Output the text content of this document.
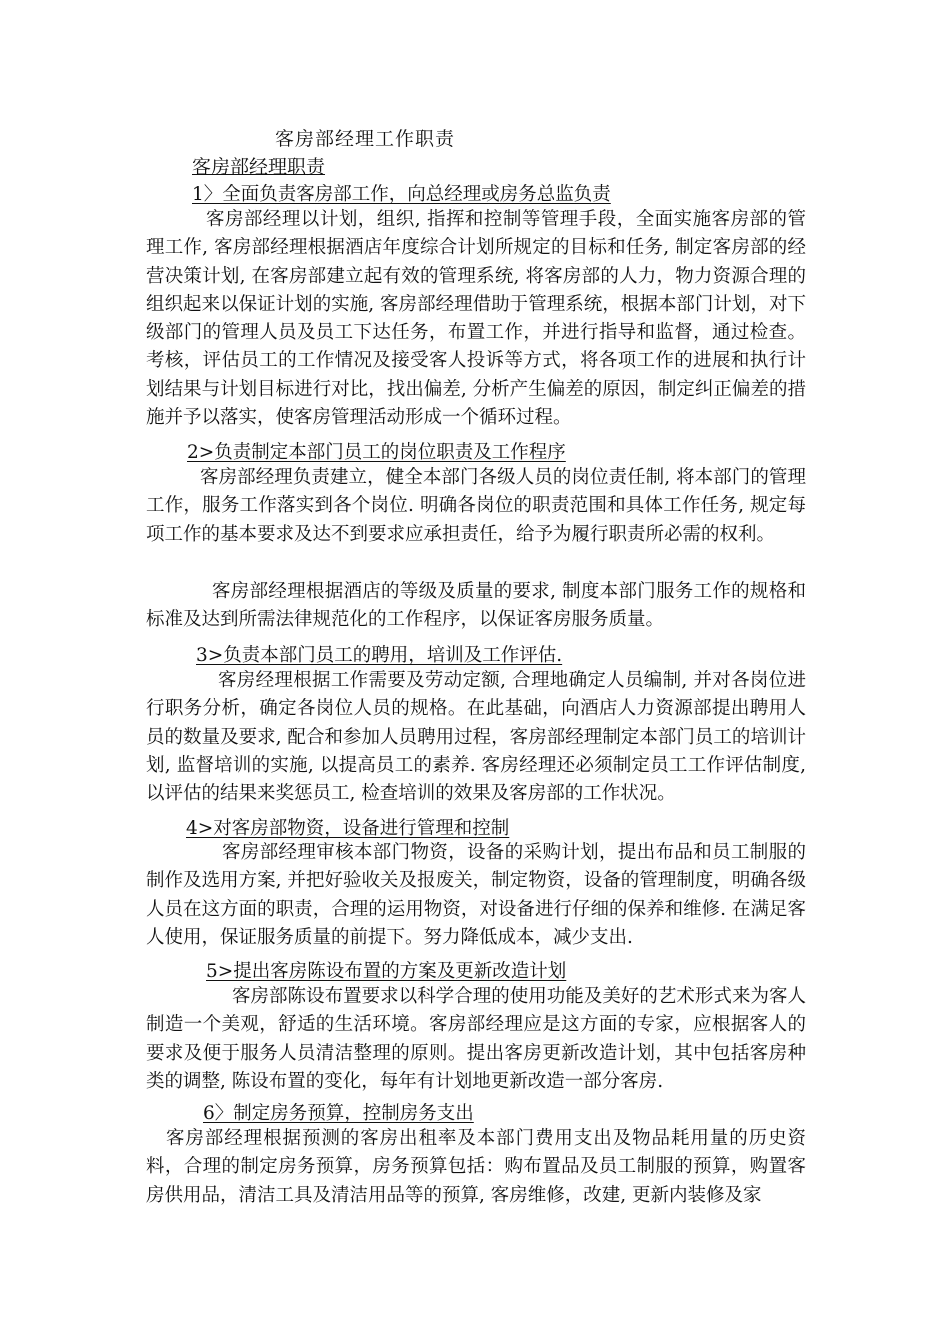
客房部经理工作职责
客房部经理职责
1〉全面负责客房部工作，向总经理或房务总监负责
客房部经理以计划，组织, 指挥和控制等管理手段，全面实施客房部的管理工作, 客房部经理根据酒店年度综合计划所规定的目标和任务, 制定客房部的经营决策计划, 在客房部建立起有效的管理系统, 将客房部的人力，物力资源合理的组织起来以保证计划的实施, 客房部经理借助于管理系统，根据本部门计划，对下级部门的管理人员及员工下达任务，布置工作，并进行指导和监督，通过检查。考核，评估员工的工作情况及接受客人投诉等方式，将各项工作的进展和执行计划结果与计划目标进行对比，找出偏差, 分析产生偏差的原因，制定纠正偏差的措施并予以落实，使客房管理活动形成一个循环过程。
2>负责制定本部门员工的岗位职责及工作程序
客房部经理负责建立，健全本部门各级人员的岗位责任制, 将本部门的管理工作，服务工作落实到各个岗位. 明确各岗位的职责范围和具体工作任务, 规定每项工作的基本要求及达不到要求应承担责任，给予为履行职责所必需的权利。
客房部经理根据酒店的等级及质量的要求, 制度本部门服务工作的规格和标准及达到所需法律规范化的工作程序，以保证客房服务质量。
3>负责本部门员工的聘用，培训及工作评估.
客房经理根据工作需要及劳动定额, 合理地确定人员编制, 并对各岗位进行职务分析，确定各岗位人员的规格。在此基础，向酒店人力资源部提出聘用人员的数量及要求, 配合和参加人员聘用过程，客房部经理制定本部门员工的培训计划, 监督培训的实施, 以提高员工的素养. 客房经理还必须制定员工工作评估制度, 以评估的结果来奖惩员工, 检查培训的效果及客房部的工作状况。
4>对客房部物资，设备进行管理和控制
客房部经理审核本部门物资，设备的采购计划，提出布品和员工制服的制作及选用方案, 并把好验收关及报废关，制定物资，设备的管理制度，明确各级人员在这方面的职责，合理的运用物资，对设备进行仔细的保养和维修. 在满足客人使用，保证服务质量的前提下。努力降低成本，减少支出.
5>提出客房陈设布置的方案及更新改造计划
客房部陈设布置要求以科学合理的使用功能及美好的艺术形式来为客人制造一个美观，舒适的生活环境。客房部经理应是这方面的专家，应根据客人的要求及便于服务人员清洁整理的原则。提出客房更新改造计划，其中包括客房种类的调整, 陈设布置的变化，每年有计划地更新改造一部分客房.
6〉制定房务预算，控制房务支出
客房部经理根据预测的客房出租率及本部门费用支出及物品耗用量的历史资料，合理的制定房务预算，房务预算包括：购布置品及员工制服的预算，购置客房供用品，清洁工具及清洁用品等的预算, 客房维修，改建, 更新内装修及家
